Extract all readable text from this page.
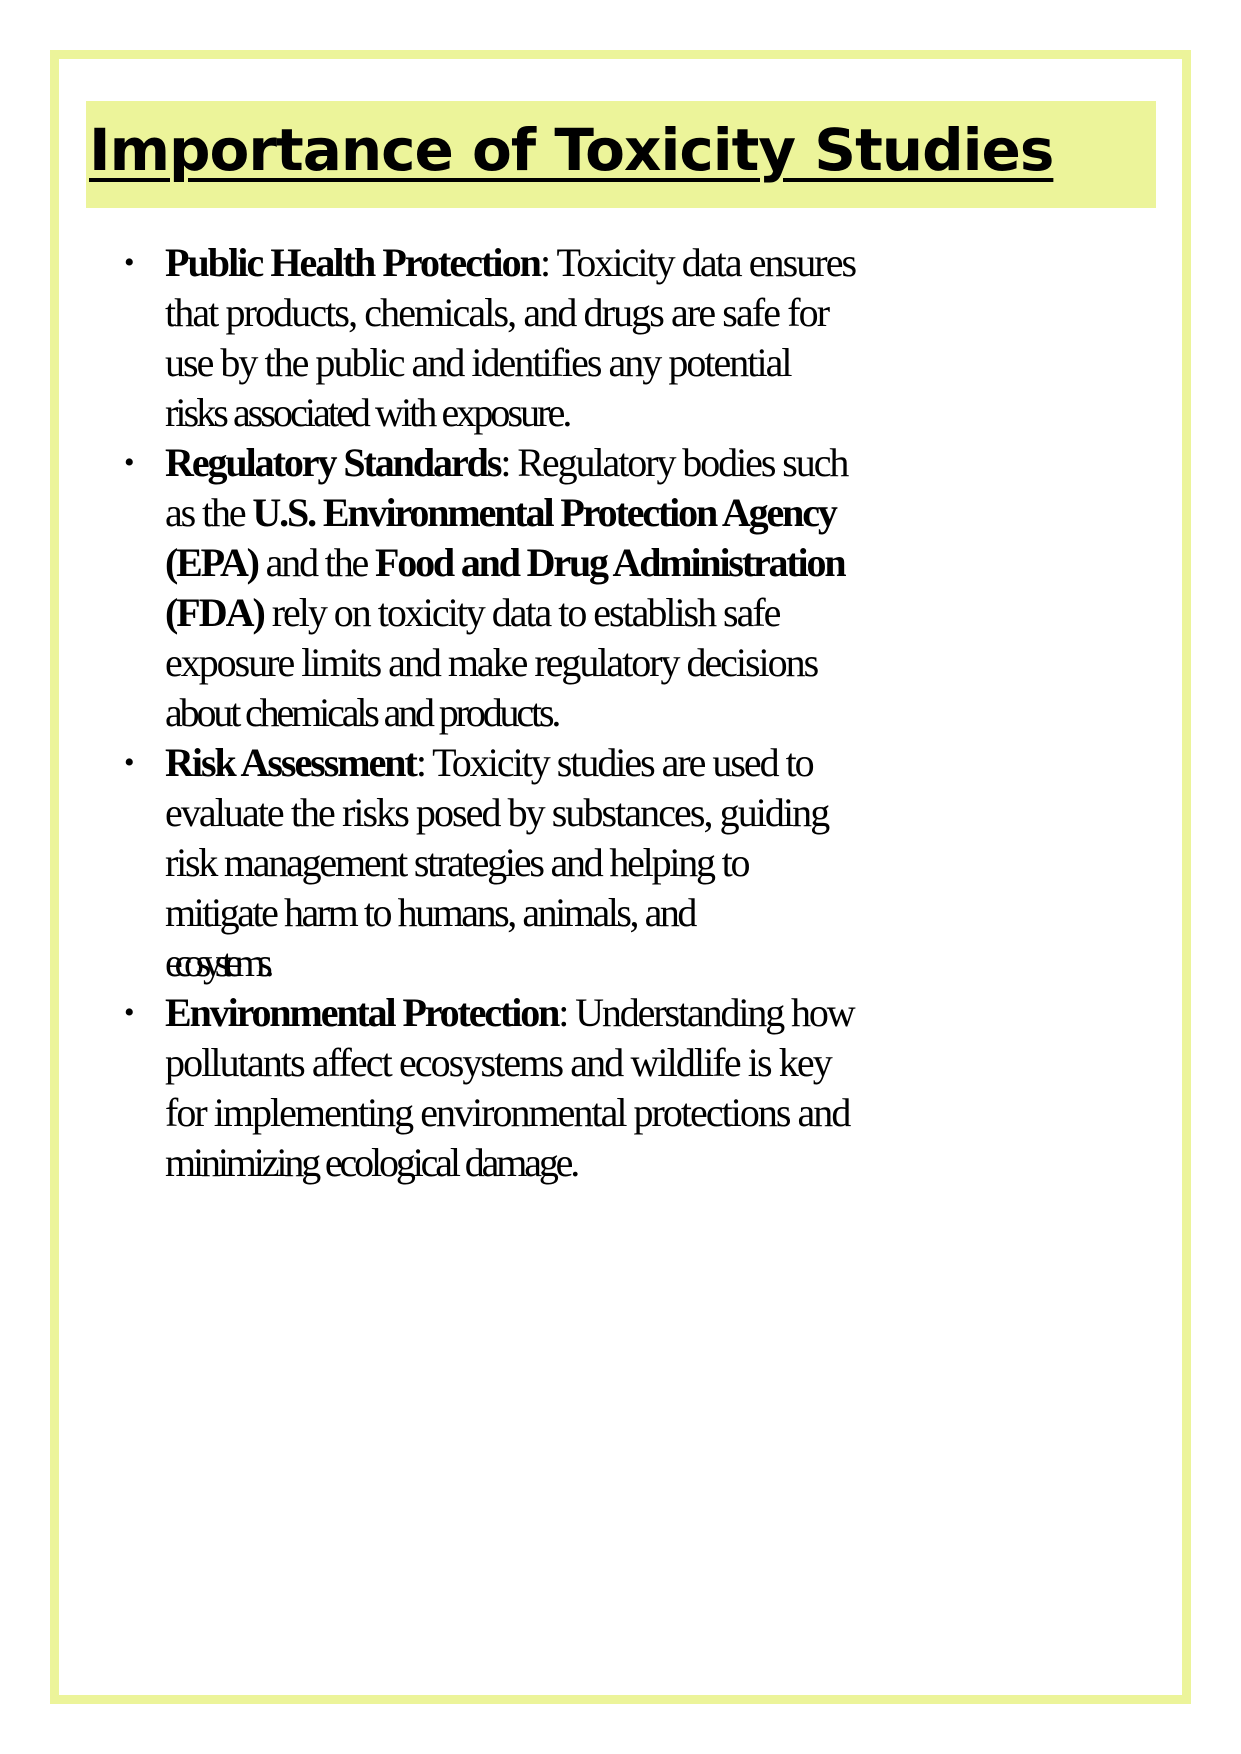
Importance of Toxicity Studies
• Public Health Protection: Toxicity data ensures
that products, chemicals, and drugs are safe for
use by the public and identifies any potential
risks associated with exposure.
• Regulatory Standards: Regulatory bodies such
as the U.S. Environmental Protection Agency
(EPA) and the Food and Drug Administration
(FDA) rely on toxicity data to establish safe
exposure limits and make regulatory decisions
about chemicals and products.
• Risk Assessment: Toxicity studies are used to
evaluate the risks posed by substances, guiding
risk management strategies and helping to
mitigate harm to humans, animals, and
ecosystems.
• Environmental Protection: Understanding how
pollutants affect ecosystems and wildlife is key
for implementing environmental protections and
minimizing ecological damage.
